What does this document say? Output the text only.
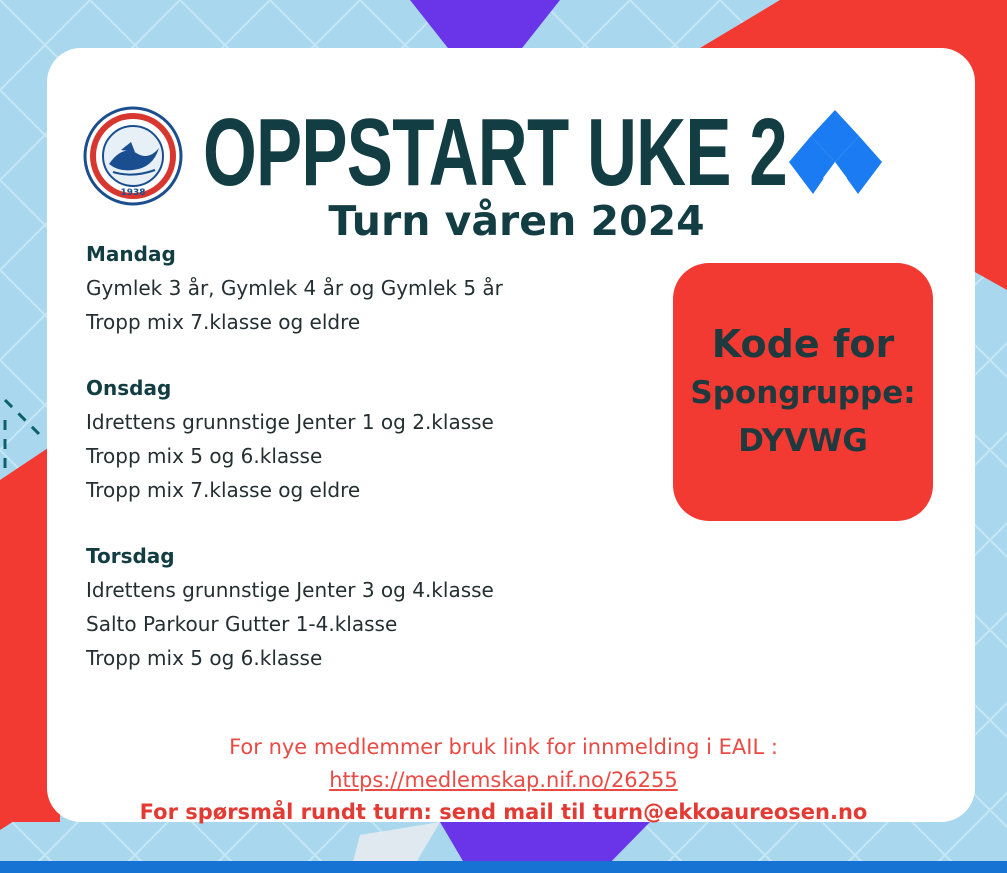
1938 OPPSTART UKE 2
Turn våren 2024
Mandag
Gymlek 3 år, Gymlek 4 år og Gymlek 5 år
Tropp mix 7.klasse og eldre
Onsdag
Idrettens grunnstige Jenter 1 og 2.klasse
Tropp mix 5 og 6.klasse
Tropp mix 7.klasse og eldre
Torsdag
Idrettens grunnstige Jenter 3 og 4.klasse
Salto Parkour Gutter 1-4.klasse
Tropp mix 5 og 6.klasse
Kode for
Spongruppe:
DYVWG
For nye medlemmer bruk link for innmelding i EAIL :
https://medlemskap.nif.no/26255
For spørsmål rundt turn: send mail til turn@ekkoaureosen.no
